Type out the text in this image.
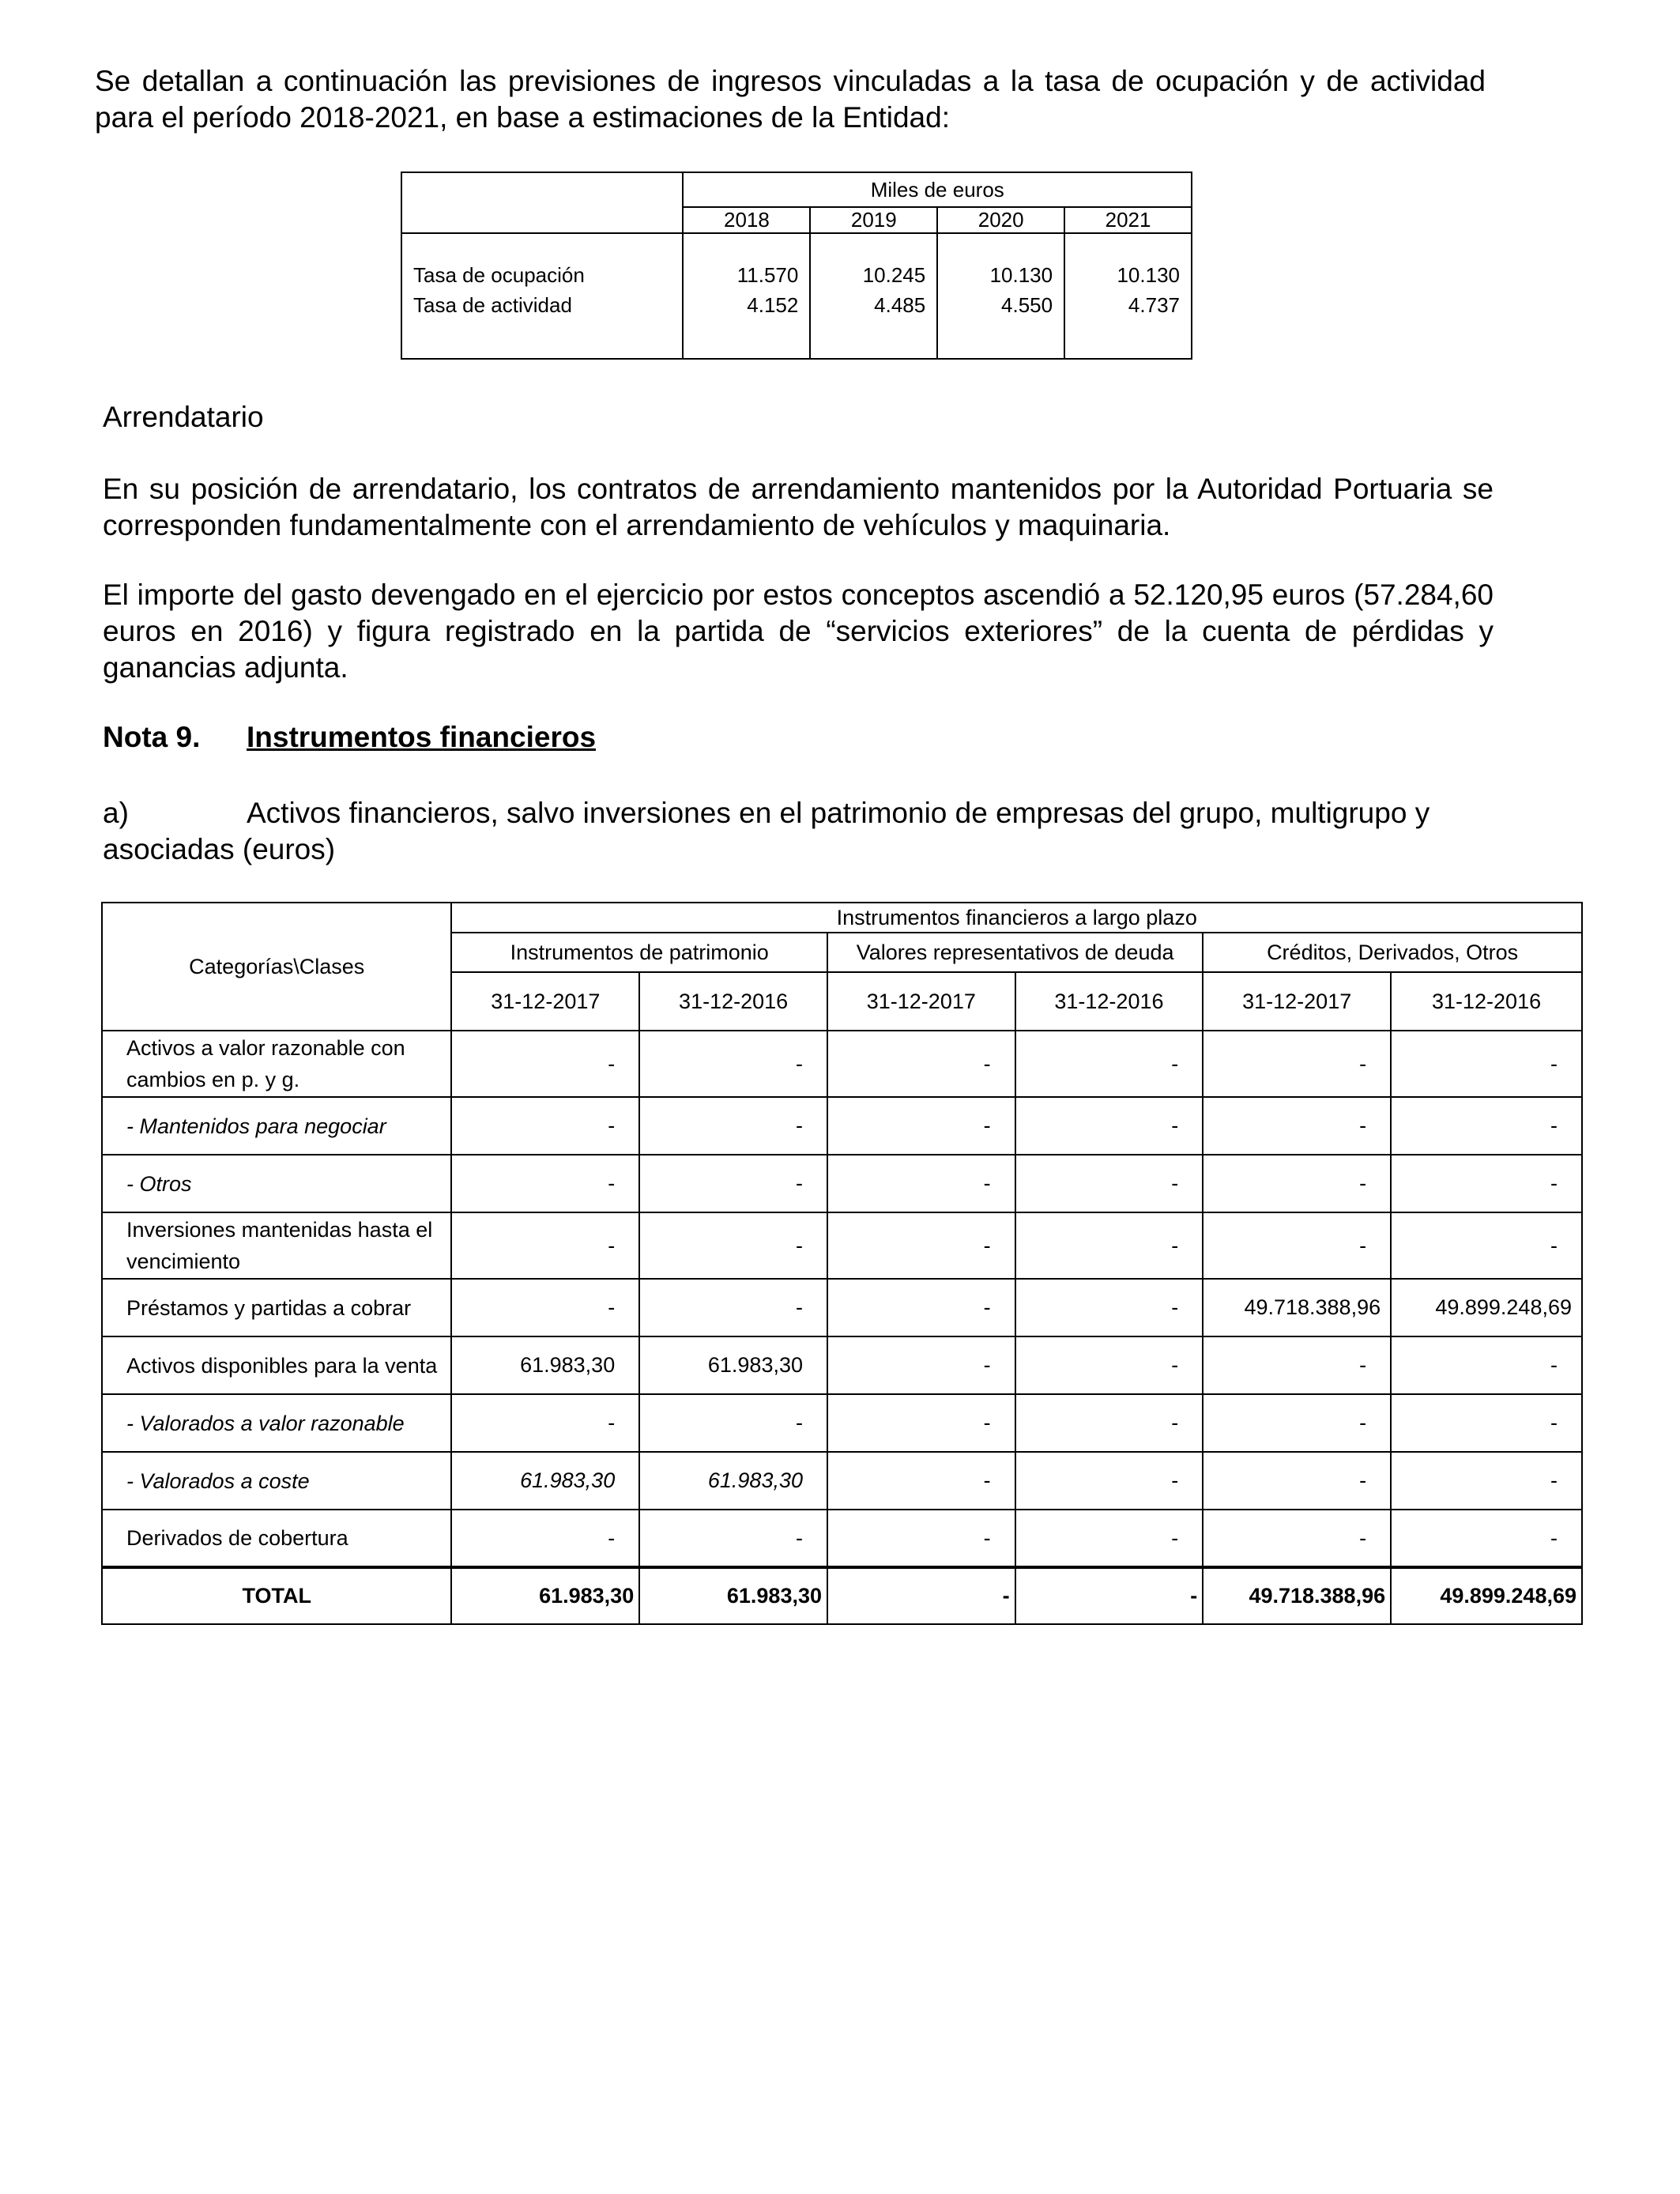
Se detallan a continuación las previsiones de ingresos vinculadas a la tasa de ocupación y de actividad para el período 2018-2021, en base a estimaciones de la Entidad:

	Miles de euros			
	2018	2019	2020	2021

Tasa de ocupación	11.570	10.245	10.130	10.130
Tasa de actividad	4.152	4.485	4.550	4.737

Arrendatario

En su posición de arrendatario, los contratos de arrendamiento mantenidos por la Autoridad Portuaria se corresponden fundamentalmente con el arrendamiento de vehículos y maquinaria.

El importe del gasto devengado en el ejercicio por estos conceptos ascendió a 52.120,95 euros (57.284,60 euros en 2016) y figura registrado en la partida de “servicios exteriores” de la cuenta de pérdidas y ganancias adjunta.

Nota 9. Instrumentos financieros

a)	Activos financieros, salvo inversiones en el patrimonio de empresas del grupo, multigrupo y asociadas (euros)

Categorías\Clases	Instrumentos financieros a largo plazo					
	Instrumentos de patrimonio		Valores representativos de deuda		Créditos, Derivados, Otros	
	31-12-2017	31-12-2016	31-12-2017	31-12-2016	31-12-2017	31-12-2016
Activos a valor razonable con cambios en p. y g.	-	-	-	-	-	-
- Mantenidos para negociar	-	-	-	-	-	-
- Otros	-	-	-	-	-	-
Inversiones mantenidas hasta el vencimiento	-	-	-	-	-	-
Préstamos y partidas a cobrar	-	-	-	-	49.718.388,96	49.899.248,69
Activos disponibles para la venta	61.983,30	61.983,30	-	-	-	-
- Valorados a valor razonable	-	-	-	-	-	-
- Valorados a coste	61.983,30	61.983,30	-	-	-	-
Derivados de cobertura	-	-	-	-	-	-
TOTAL	61.983,30	61.983,30	-	-	49.718.388,96	49.899.248,69
